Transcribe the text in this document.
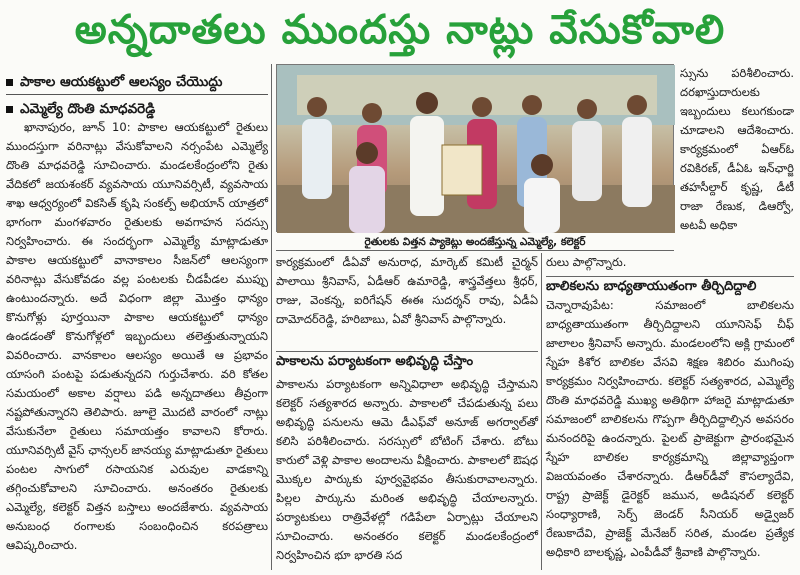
అన్నదాతలు ముందస్తు నాట్లు వేసుకోవాలి
పాకాల ఆయకట్టులో ఆలస్యం చేయొద్దు
ఎమ్మెల్యే దొంతి మాధవరెడ్డి

ఖానాపురం, జూన్ 10: పాకాల ఆయకట్టులో రైతులు ముందస్తుగా వరినాట్లు వేసుకోవాలని నర్సంపేట ఎమ్మెల్యే దొంతి మాధవరెడ్డి సూచించారు. మండలకేంద్రంలోని రైతు వేదికలో జయశంకర్ వ్యవసాయ యూనివర్సిటీ, వ్యవసాయ శాఖ ఆధ్వర్యంలో వికసిత్ కృషి సంకల్ప్ అభియాన్ యాత్రలో భాగంగా మంగళవారం రైతులకు అవగాహన సదస్సు నిర్వహించారు. ఈ సందర్భంగా ఎమ్మెల్యే మాట్లాడుతూ పాకాల ఆయకట్టులో వానాకాలం సీజన్‌లో ఆలస్యంగా వరినాట్లు వేసుకోవడం వల్ల పంటలకు చీడపీడల ముప్పు ఉంటుందన్నారు. అదే విధంగా జిల్లా మొత్తం ధాన్యం కొనుగోళ్లు పూర్తయినా పాకాల ఆయకట్టులో ధాన్యం ఉండడంతో కొనుగోళ్లలో ఇబ్బందులు తలెత్తుతున్నాయని వివరించారు. వానకాలం ఆలస్యం అయితే ఆ ప్రభావం యాసంగి పంటపై పడుతున్నదని గుర్తుచేశారు. వరి కోతల సమయంలో అకాల వర్షాలు పడి అన్నదాతలు తీవ్రంగా నష్టపోతున్నారని తెలిపారు. జూలై మొదటి వారంలో నాట్లు వేసుకునేలా రైతులు సమాయత్తం కావాలని కోరారు. యూనివర్సిటీ వైస్ ఛాన్సలర్ జానయ్య మాట్లాడుతూ రైతులు పంటల సాగులో రసాయనిక ఎరువుల వాడకాన్ని తగ్గించుకోవాలని సూచించారు. అనంతరం రైతులకు ఎమ్మెల్యే, కలెక్టర్ విత్తన బస్తాలు అందజేశారు. వ్యవసాయ అనుబంధ రంగాలకు సంబంధించిన కరపత్రాలు ఆవిష్కరించారు.

రైతులకు విత్తన ప్యాకెట్లు అందజేస్తున్న ఎమ్మెల్యే, కలెక్టర్
స్సును పరిశీలించారు. దరఖాస్తుదారులకు ఇబ్బందులు కలుగకుండా చూడాలని ఆదేశించారు. కార్యక్రమంలో ఏఆర్‌ఓ రవికిరణ్, డీఏఓ ఇన్‌ఛార్జి తహసీల్దార్ కృష్ణ, డీటీ రాజా రేణుక, డిఆర్వో, అటవీ అధికా
కార్యక్రమంలో డీఏవో అనురాధ, మార్కెట్ కమిటీ చైర్మన్ పాలాయి శ్రీనివాస్, ఏడీఆర్ ఉమారెడ్డి, శాస్త్రవేత్తలు శ్రీధర్, రాజు, వెంకన్న, ఐరిగేషన్ ఈఈ సుదర్శన్ రావు, ఏడీఏ దామోదర్‌రెడ్డి, హరిబాబు, ఏవో శ్రీనివాస్ పాల్గొన్నారు.
పాకాలను పర్యాటకంగా అభివృద్ధి చేస్తాం
పాకాలను పర్యాటకంగా అన్నివిధాలా అభివృద్ధి చేస్తామని కలెక్టర్ సత్యశారద అన్నారు. పాకాలలో చేపడుతున్న పలు అభివృద్ధి పనులను ఆమె డీఎఫ్‌వో అనూజ్ అగర్వాల్‌తో కలిసి పరిశీలించారు. సరస్సులో బోటింగ్ చేశారు. బోటు కారులో వెళ్లి పాకాల అందాలను వీక్షించారు. పాకాలలో ఔషధ మొక్కల పార్కుకు పూర్వవైభవం తీసుకురావాలన్నారు. పిల్లల పార్కును మరింత అభివృద్ధి చేయాలన్నారు. పర్యాటకులు రాత్రివేళల్లో గడిపేలా ఏర్పాట్లు చేయాలని సూచించారు. అనంతరం కలెక్టర్ మండలకేంద్రంలో నిర్వహించిన భూ భారతి సద
రులు పాల్గొన్నారు.
బాలికలను బాధ్యతాయుతంగా తీర్చిదిద్దాలి
చెన్నారావుపేట: సమాజంలో బాలికలను బాధ్యతాయుతంగా తీర్చిదిద్దాలని యూనిసెఫ్ చీఫ్ జాలాలం శ్రీనివాస్ అన్నారు. మండలంలోని అక్లి గ్రామంలో స్నేహ కిశోర బాలికల వేసవి శిక్షణ శిబిరం ముగింపు కార్యక్రమం నిర్వహించారు. కలెక్టర్ సత్యశారద, ఎమ్మెల్యే దొంతి మాధవరెడ్డి ముఖ్య అతిథిగా హాజరై మాట్లాడుతూ సమాజంలో బాలికలను గొప్పగా తీర్చిదిద్దాల్సిన అవసరం మనందరిపై ఉందన్నారు. పైలట్ ప్రాజెక్టుగా ప్రారంభమైన స్నేహ బాలికల కార్యక్రమాన్ని జిల్లావ్యాప్తంగా విజయవంతం చేశారన్నారు. డీఆర్‌డీవో కౌసల్యాదేవి, రాష్ట్ర ప్రాజెక్ట్ డైరెక్టర్ జమున, అడిషనల్ కలెక్టర్ సంధ్యారాణి, సెర్ప్ జెండర్ సీనియర్ అడ్వైజర్ రేణుకాదేవి, ప్రాజెక్ట్ మేనేజర్ సరిత, మండల ప్రత్యేక అధికారి బాలకృష్ణ, ఎంపీడీవో శ్రీవాణి పాల్గొన్నారు.
